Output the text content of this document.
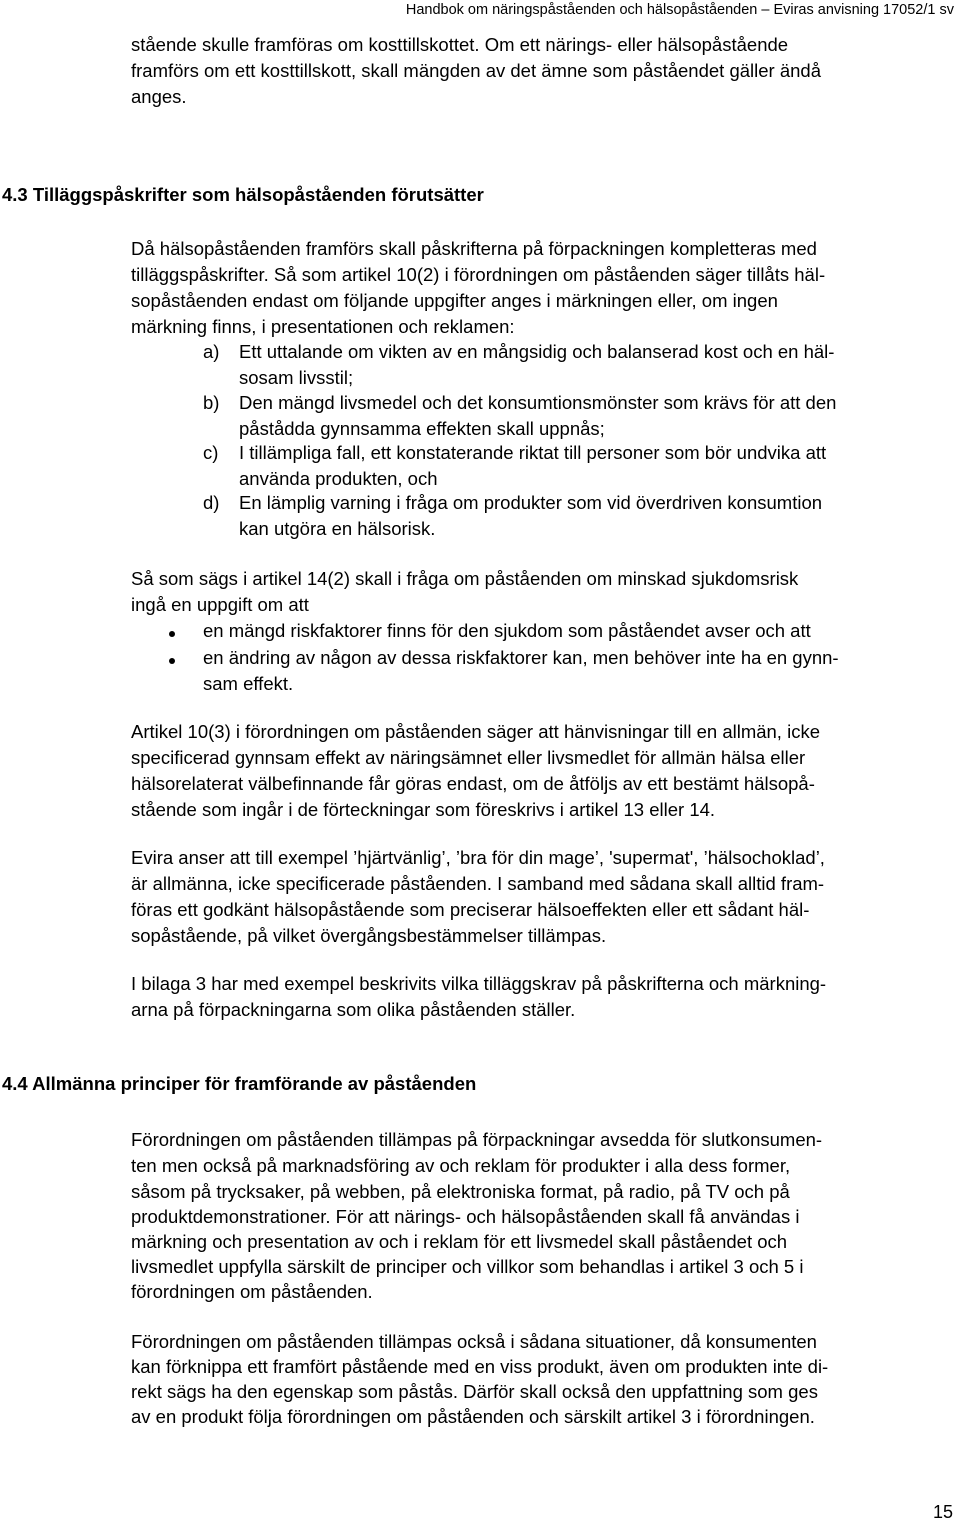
Handbok om näringspåståenden och hälsopåståenden – Eviras anvisning 17052/1 sv
stående skulle framföras om kosttillskottet. Om ett närings- eller hälsopåstående
framförs om ett kosttillskott, skall mängden av det ämne som påståendet gäller ändå
anges.
4.3 Tilläggspåskrifter som hälsopåståenden förutsätter
Då hälsopåståenden framförs skall påskrifterna på förpackningen kompletteras med
tilläggspåskrifter. Så som artikel 10(2) i förordningen om påståenden säger tillåts häl-
sopåståenden endast om följande uppgifter anges i märkningen eller, om ingen
märkning finns, i presentationen och reklamen:
a) Ett uttalande om vikten av en mångsidig och balanserad kost och en häl-
sosam livsstil;
b) Den mängd livsmedel och det konsumtionsmönster som krävs för att den
påstådda gynnsamma effekten skall uppnås;
c) I tillämpliga fall, ett konstaterande riktat till personer som bör undvika att
använda produkten, och
d) En lämplig varning i fråga om produkter som vid överdriven konsumtion
kan utgöra en hälsorisk.
Så som sägs i artikel 14(2) skall i fråga om påståenden om minskad sjukdomsrisk
ingå en uppgift om att
en mängd riskfaktorer finns för den sjukdom som påståendet avser och att
en ändring av någon av dessa riskfaktorer kan, men behöver inte ha en gynn-
sam effekt.
Artikel 10(3) i förordningen om påståenden säger att hänvisningar till en allmän, icke
specificerad gynnsam effekt av näringsämnet eller livsmedlet för allmän hälsa eller
hälsorelaterat välbefinnande får göras endast, om de åtföljs av ett bestämt hälsopå-
stående som ingår i de förteckningar som föreskrivs i artikel 13 eller 14.
Evira anser att till exempel ’hjärtvänlig’, ’bra för din mage’, 'supermat', ’hälsochoklad’,
är allmänna, icke specificerade påståenden. I samband med sådana skall alltid fram-
föras ett godkänt hälsopåstående som preciserar hälsoeffekten eller ett sådant häl-
sopåstående, på vilket övergångsbestämmelser tillämpas.
I bilaga 3 har med exempel beskrivits vilka tilläggskrav på påskrifterna och märkning-
arna på förpackningarna som olika påståenden ställer.
4.4 Allmänna principer för framförande av påståenden
Förordningen om påståenden tillämpas på förpackningar avsedda för slutkonsumen-
ten men också på marknadsföring av och reklam för produkter i alla dess former,
såsom på trycksaker, på webben, på elektroniska format, på radio, på TV och på
produktdemonstrationer. För att närings- och hälsopåståenden skall få användas i
märkning och presentation av och i reklam för ett livsmedel skall påståendet och
livsmedlet uppfylla särskilt de principer och villkor som behandlas i artikel 3 och 5 i
förordningen om påståenden.
Förordningen om påståenden tillämpas också i sådana situationer, då konsumenten
kan förknippa ett framfört påstående med en viss produkt, även om produkten inte di-
rekt sägs ha den egenskap som påstås. Därför skall också den uppfattning som ges
av en produkt följa förordningen om påståenden och särskilt artikel 3 i förordningen.
15
